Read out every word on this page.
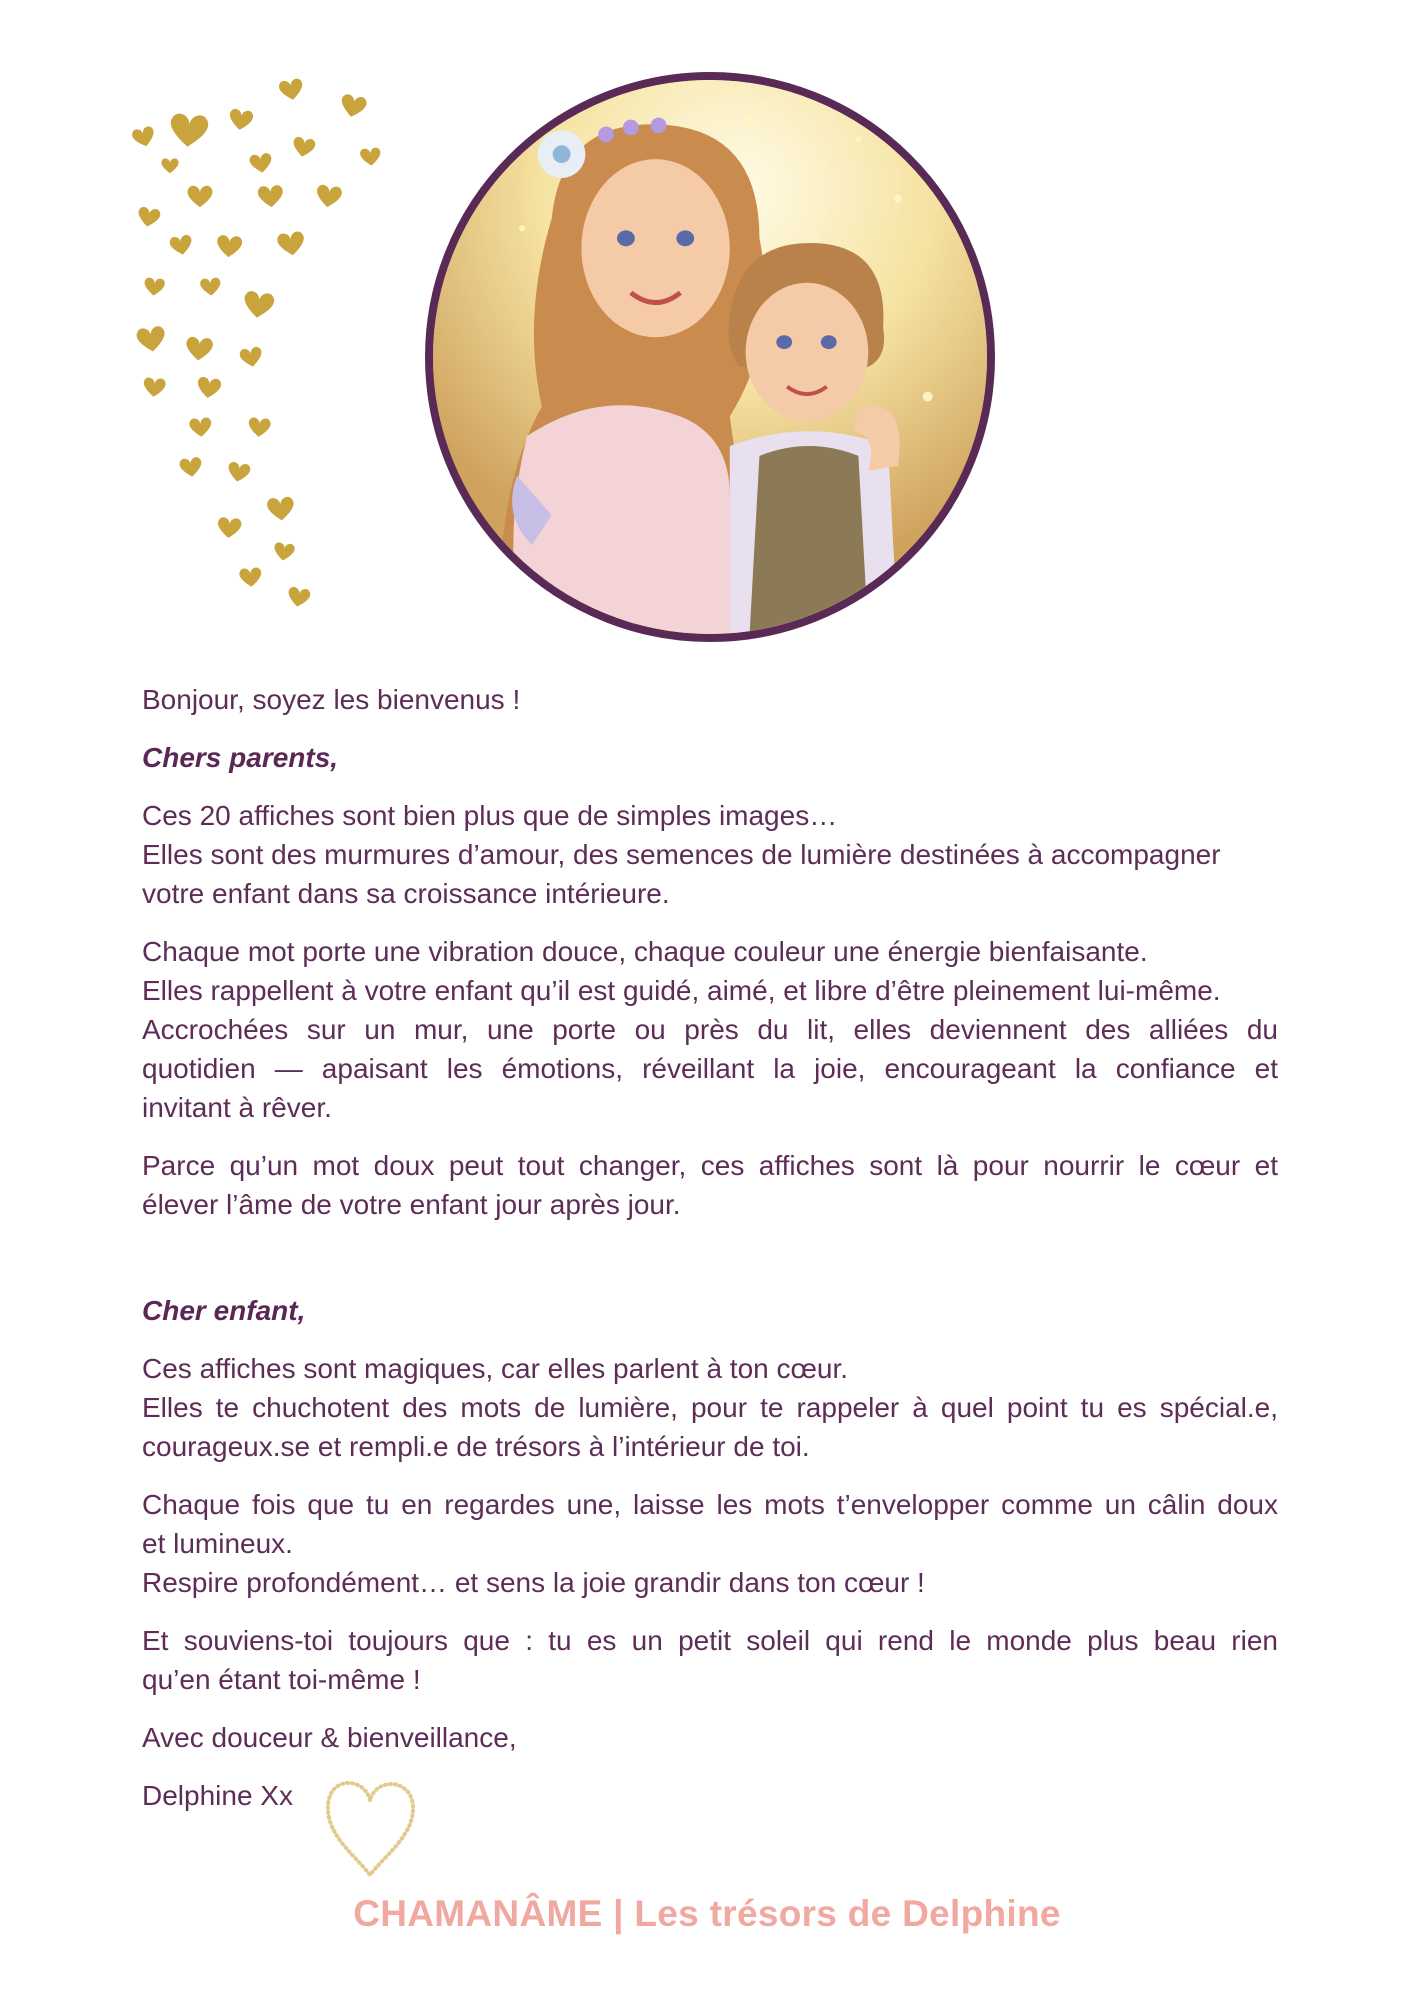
Bonjour, soyez les bienvenus !

Chers parents,

Ces 20 affiches sont bien plus que de simples images…
Elles sont des murmures d’amour, des semences de lumière destinées à accompagner
votre enfant dans sa croissance intérieure.

Chaque mot porte une vibration douce, chaque couleur une énergie bienfaisante.
Elles rappellent à votre enfant qu’il est guidé, aimé, et libre d’être pleinement lui-même.
Accrochées sur un mur, une porte ou près du lit, elles deviennent des alliées du
quotidien — apaisant les émotions, réveillant la joie, encourageant la confiance et
invitant à rêver.

Parce qu’un mot doux peut tout changer, ces affiches sont là pour nourrir le cœur et
élever l’âme de votre enfant jour après jour.

Cher enfant,

Ces affiches sont magiques, car elles parlent à ton cœur.
Elles te chuchotent des mots de lumière, pour te rappeler à quel point tu es spécial.e,
courageux.se et rempli.e de trésors à l’intérieur de toi.

Chaque fois que tu en regardes une, laisse les mots t’envelopper comme un câlin doux
et lumineux.
Respire profondément… et sens la joie grandir dans ton cœur !

Et souviens-toi toujours que : tu es un petit soleil qui rend le monde plus beau rien
qu’en étant toi-même !

Avec douceur & bienveillance,

Delphine Xx

CHAMANÂME | Les trésors de Delphine
